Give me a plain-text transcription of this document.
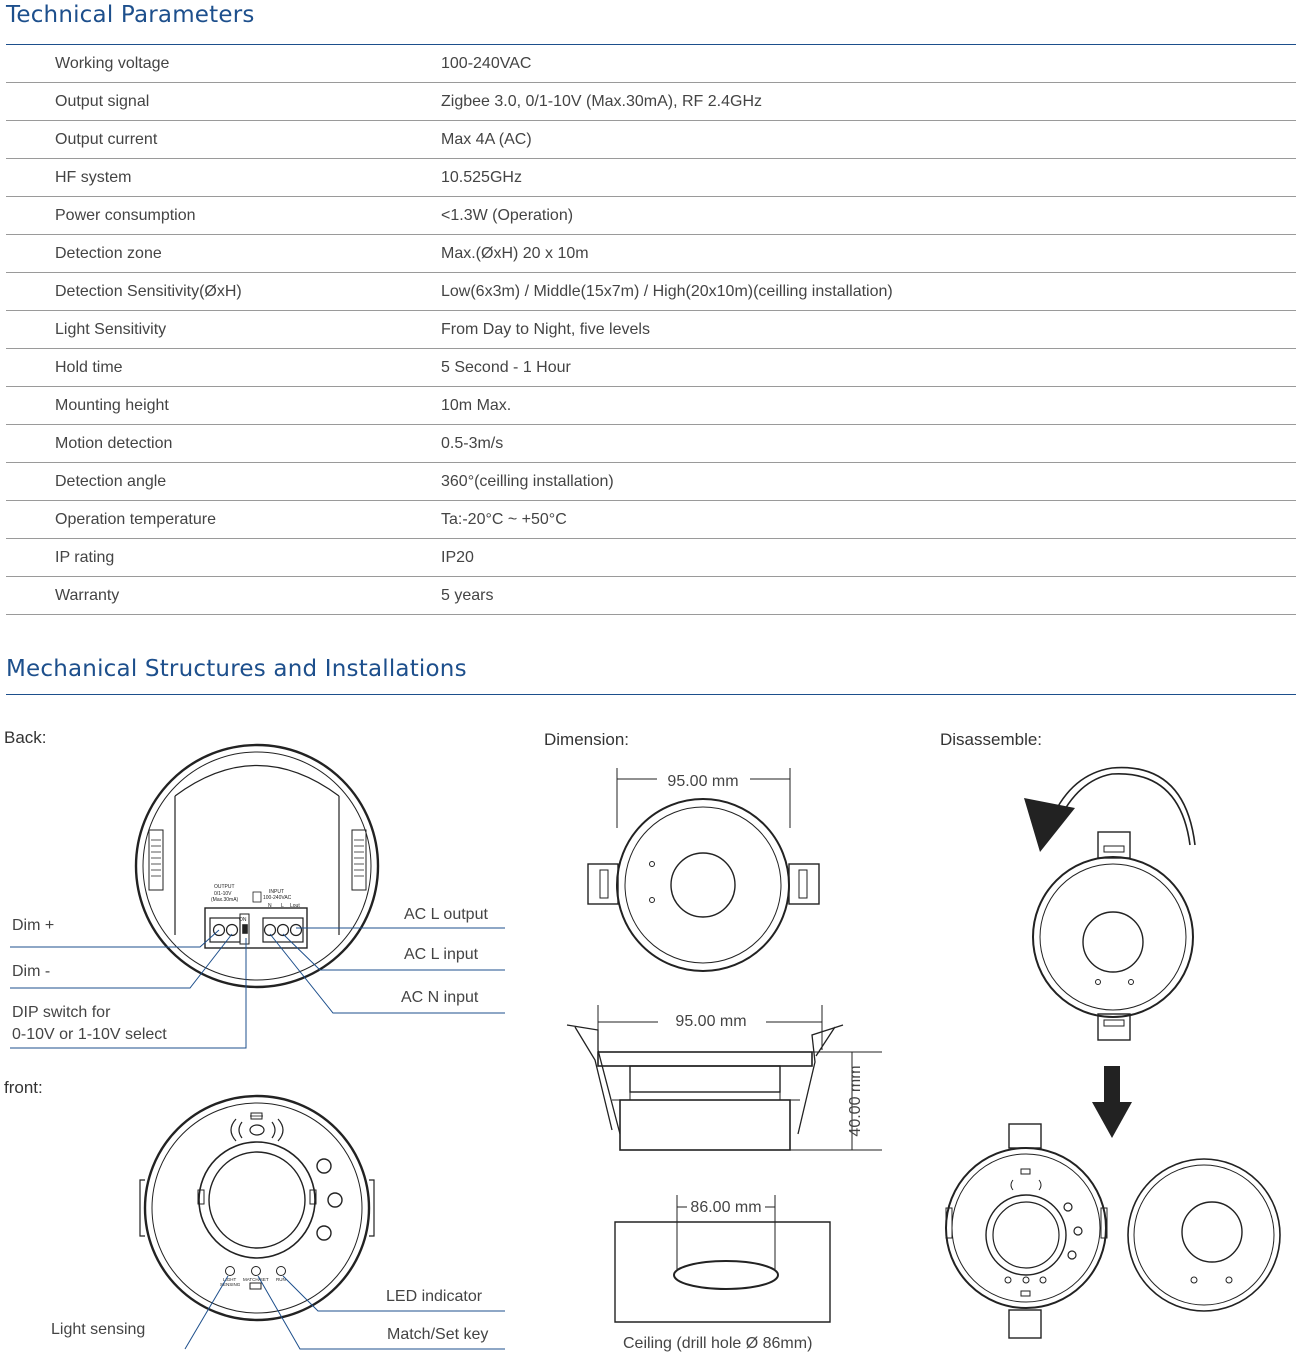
Technical Parameters
Working voltage	100-240VAC
Output signal	Zigbee 3.0, 0/1-10V (Max.30mA), RF 2.4GHz
Output current	Max 4A (AC)
HF system	10.525GHz
Power consumption	<1.3W (Operation)
Detection zone	Max.(ØxH) 20 x 10m
Detection Sensitivity(ØxH)	Low(6x3m) / Middle(15x7m) / High(20x10m)(ceilling installation)
Light Sensitivity	From Day to Night, five levels
Hold time	5 Second - 1 Hour
Mounting height	10m Max.
Motion detection	0.5-3m/s
Detection angle	360°(ceilling installation)
Operation temperature	Ta:-20°C ~ +50°C
IP rating	IP20
Warranty	5 years
Mechanical Structures and Installations
Back:
front:
Dimension:	Disassemble:
Dim +
Dim -
DIP switch for
0-10V or 1-10V select
AC L output
AC L input
AC N input
LED indicator
Match/Set key
Light sensing
Ceiling (drill hole Ø 86mm)
OUTPUT
0/1-10V
(Max.30mA)
INPUT
100-240VAC
N L Lout
ON
LIGHT
SENSING
MATCH/SET RUN
95.00 mm
95.00 mm
40.00 mm
86.00 mm
